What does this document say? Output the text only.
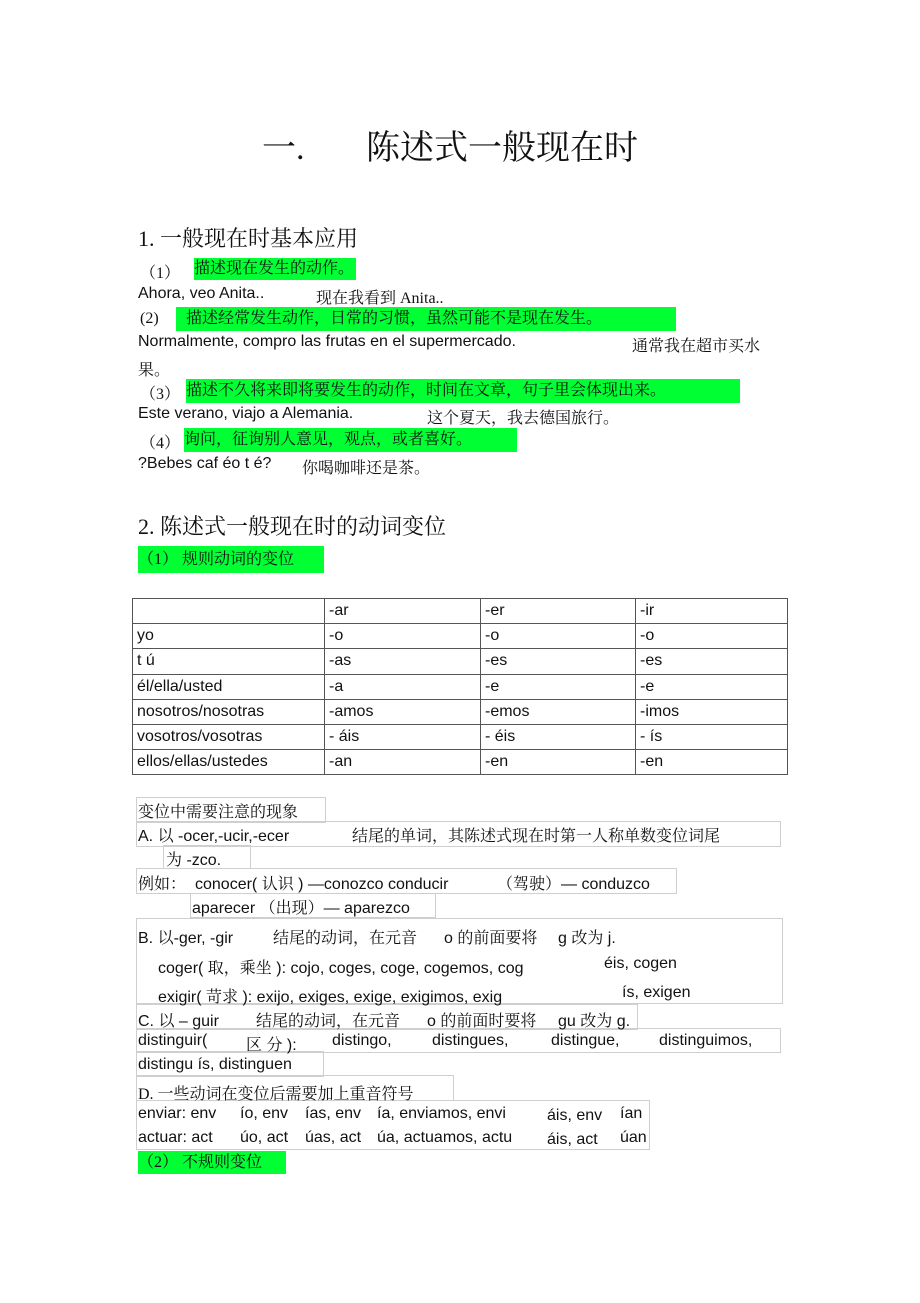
一. 陈述式一般现在时
1. 一般现在时基本应用
（1） 描述现在发生的动作。
Ahora, veo Anita..	现在我看到 Anita..
(2)	描述经常发生动作，日常的习惯，虽然可能不是现在发生。
Normalmente, compro las frutas en el supermercado.	通常我在超市买水
果。
（3） 描述不久将来即将要发生的动作，时间在文章，句子里会体现出来。
Este verano, viajo a Alemania.	这个夏天，我去德国旅行。
（4） 询问，征询别人意见，观点，或者喜好。
?Bebes caf éo t é? 你喝咖啡还是茶。
2. 陈述式一般现在时的动词变位
（1） 规则动词的变位
	-ar	-er	-ir
yo	-o	-o	-o
t ú	-as	-es	-es
él/ella/usted	-a	-e	-e
nosotros/nosotras	-amos	-emos	-imos
vosotros/vosotras	- áis	- éis	- ís
ellos/ellas/ustedes	-an	-en	-en
变位中需要注意的现象
A. 以 -ocer,-ucir,-ecer	结尾的单词，其陈述式现在时第一人称单数变位词尾
为 -zco.
例如： conocer( 认识 ) —conozco conducir	（驾驶）— conduzco
aparecer （出现）— aparezco
B. 以-ger, -gir 结尾的动词，在元音 o 的前面要将 g 改为 j.
coger( 取，乘坐 ): cojo, coges, coge, cogemos, cog	éis, cogen
exigir( 苛求 ): exijo, exiges, exige, exigimos, exig	ís, exigen
C. 以 – guir 结尾的动词，在元音 o 的前面时要将 gu 改为 g.
distinguir( 区 分 ): distingo,	distingues,	distingue, distinguimos,
distingu ís, distinguen
D. 一些动词在变位后需要加上重音符号
enviar: env ío, env ías, env ía, enviamos, envi	áis, env ían
actuar: act úo, act úas, act úa, actuamos, actu áis, act úan
（2） 不规则变位
